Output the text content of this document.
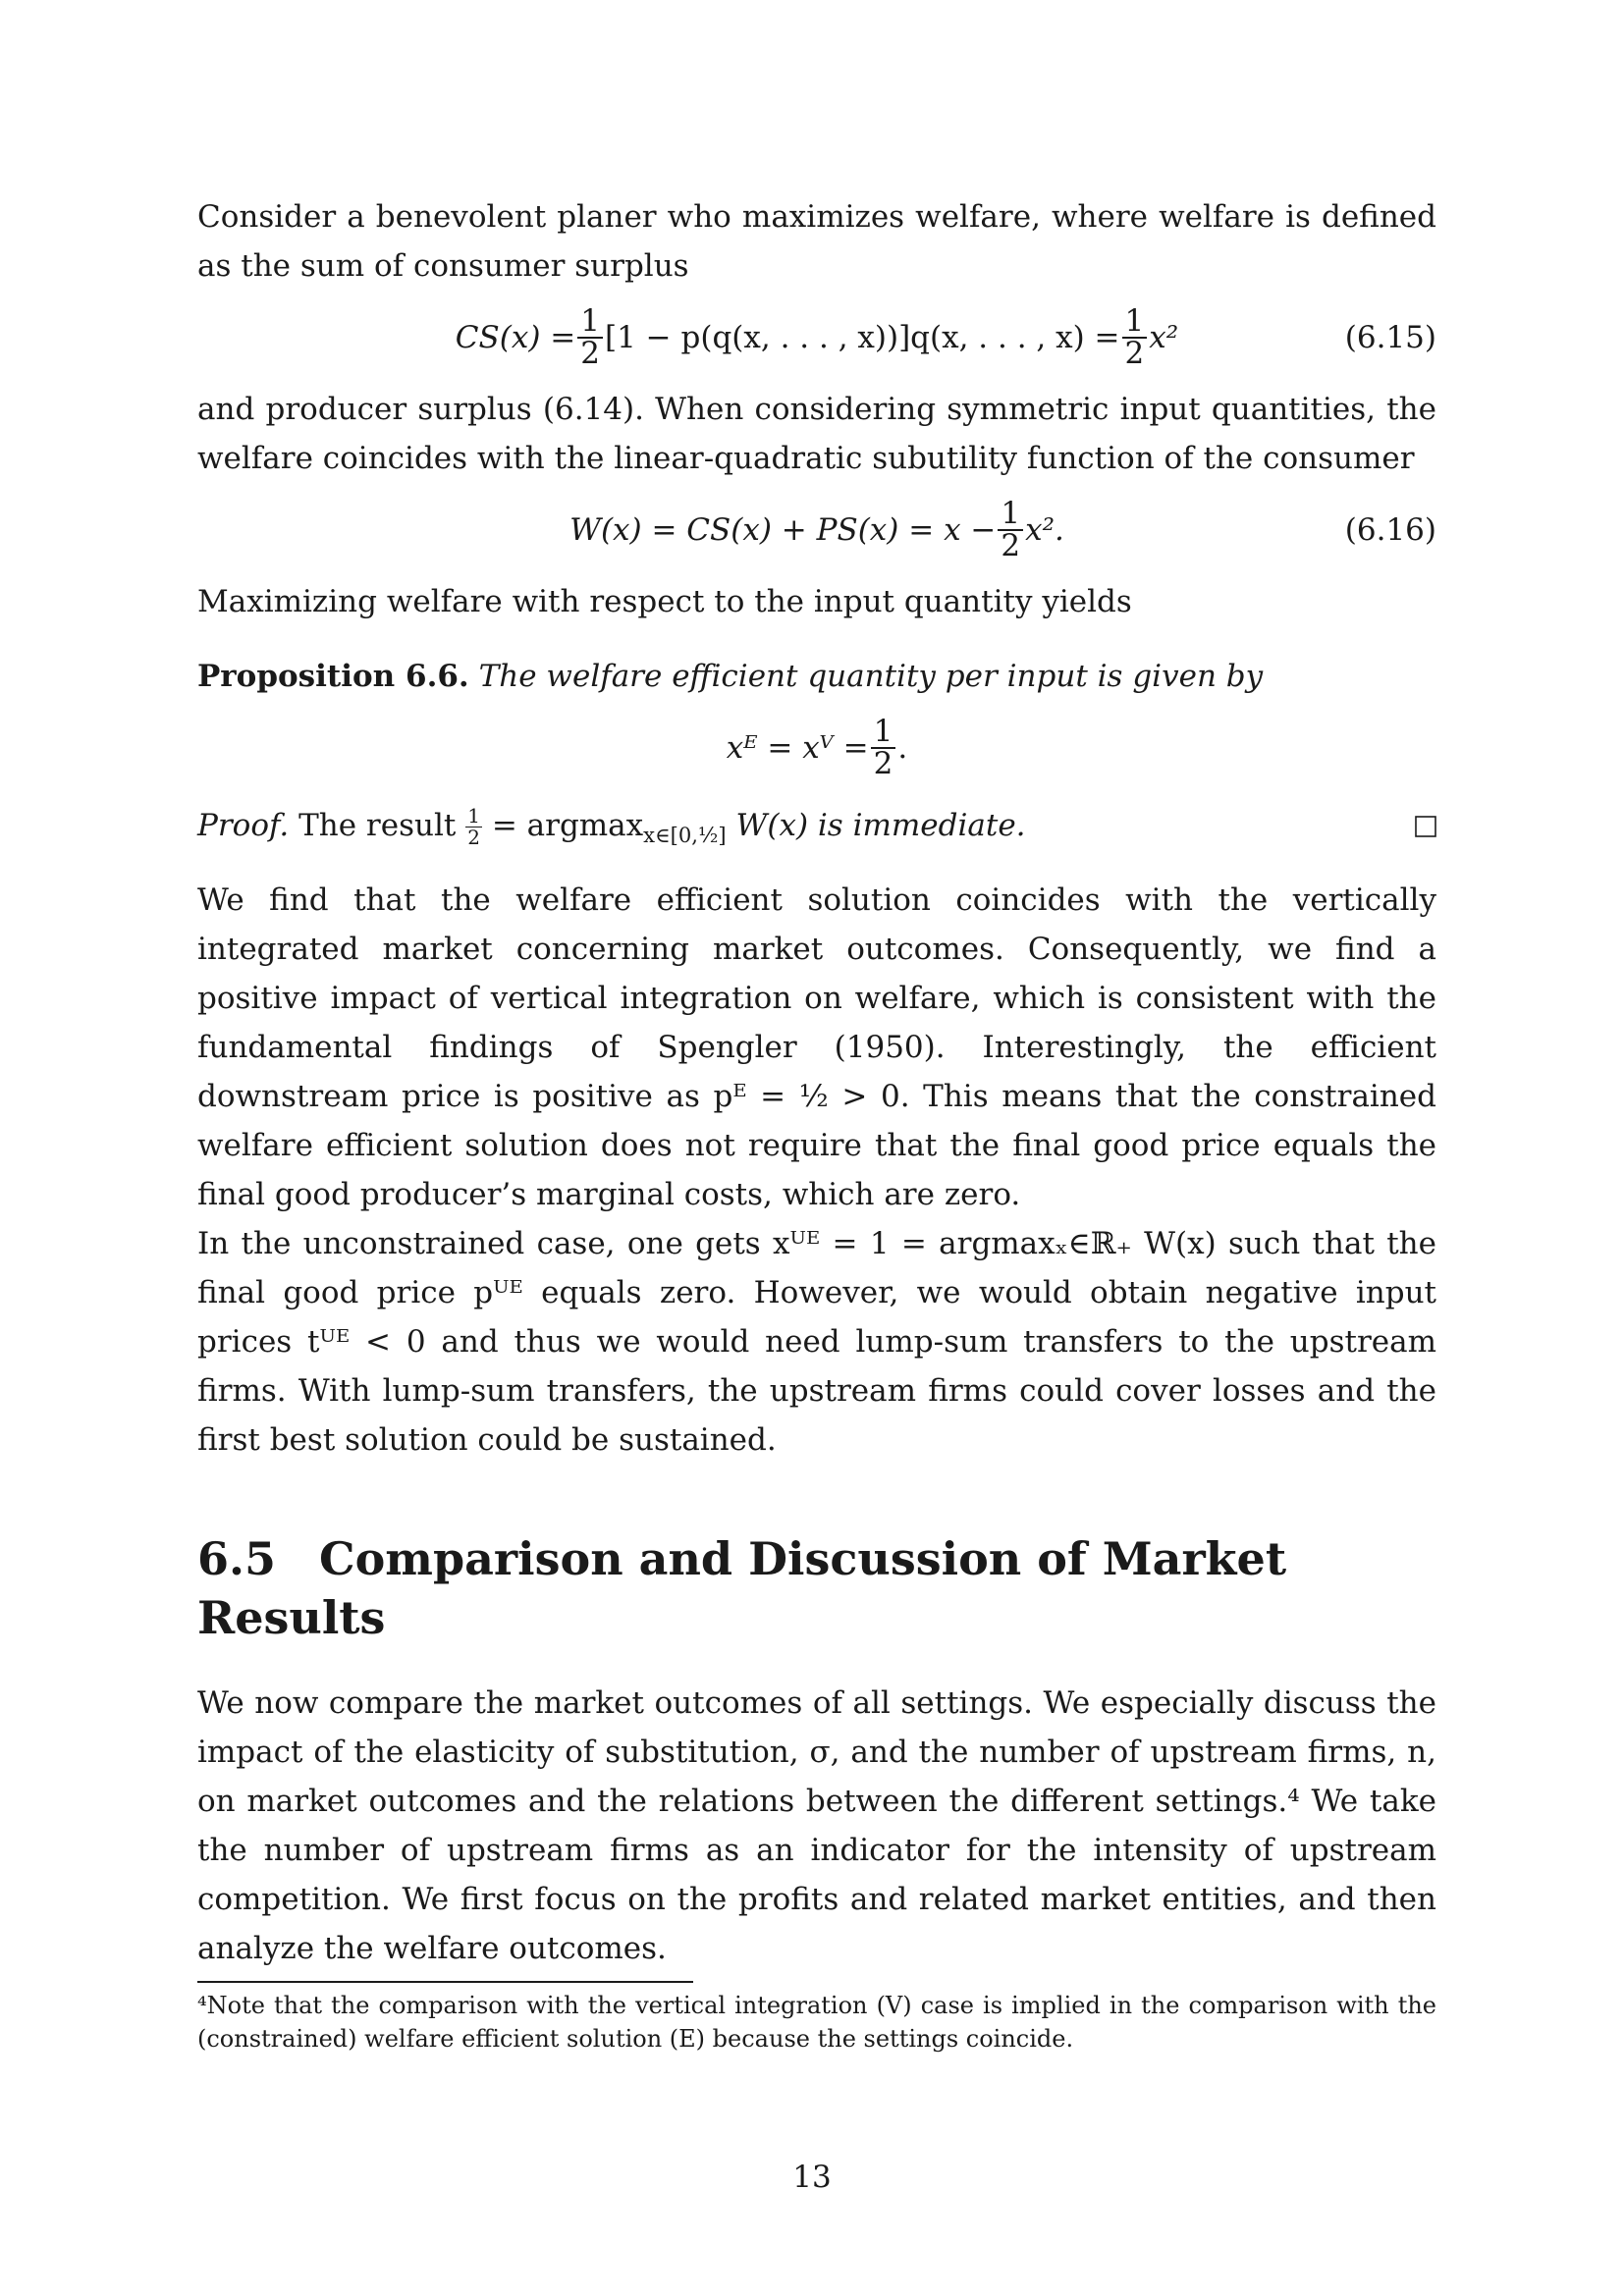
Consider a benevolent planer who maximizes welfare, where welfare is defined as the sum of consumer surplus

$CS(x) = \frac{1}{2} [1 - p(q(x$, . . . , x))]q(x, . . . , $x) = \frac{1}{2} x^2$	(6.15)

and producer surplus (6.14). When considering symmetric input quantities, the welfare coincides with the linear-quadratic subutility function of the consumer

$W(x) = CS(x) + PS(x) = x - \frac{1}{2} x^2$.	(6.16)

Maximizing welfare with respect to the input quantity yields

Proposition 6.6. The welfare efficient quantity per input is given by

xᴱ = xⱽ = $\frac{1}{2}$ .

Proof. The result $\frac{1}{2} = argmax_{x\in[0,\frac{1}{2}]}$ W(x) is immediate.

We find that the welfare efficient solution coincides with the vertically integrated market concerning market outcomes. Consequently, we find a positive impact of vertical integration on welfare, which is consistent with the fundamental findings of Spengler (1950). Interestingly, the efficient downstream price is positive as pᴱ = ½ > 0. This means that the constrained welfare efficient solution does not require that the final good price equals the final good producer’s marginal costs, which are zero.

In the unconstrained case, one gets xᵁᴱ = 1 = argmaxₓ∈ℝ₊ W(x) such that the final good price pᵁᴱ equals zero. However, we would obtain negative input prices tᵁᴱ < 0 and thus we would need lump-sum transfers to the upstream firms. With lump-sum transfers, the upstream firms could cover losses and the first best solution could be sustained.

6.5 Comparison and Discussion of Market Results

We now compare the market outcomes of all settings. We especially discuss the impact of the elasticity of substitution, σ, and the number of upstream firms, n, on market outcomes and the relations between the different settings.⁴ We take the number of upstream firms as an indicator for the intensity of upstream competition. We first focus on the profits and related market entities, and then analyze the welfare outcomes.

⁴Note that the comparison with the vertical integration (V) case is implied in the comparison with the (constrained) welfare efficient solution (E) because the settings coincide.

13
